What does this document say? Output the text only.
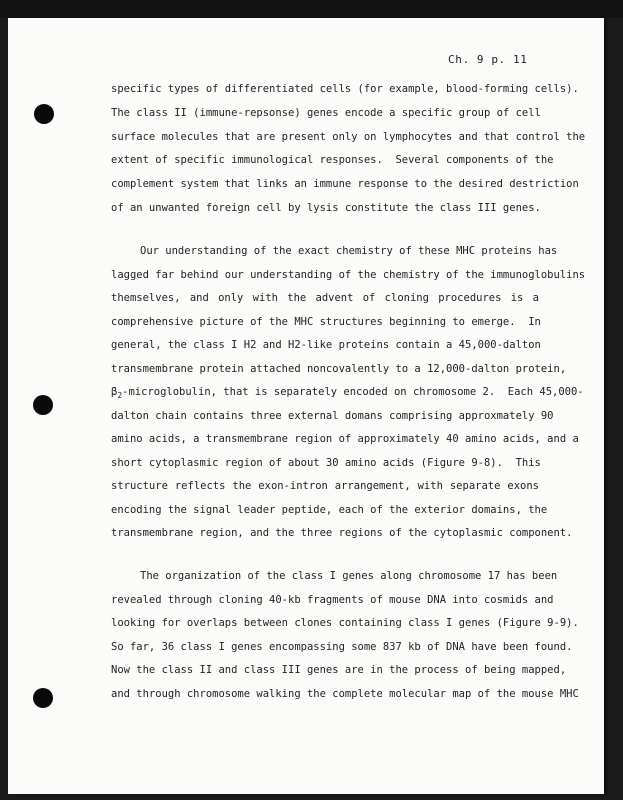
Ch. 9 p. 11
specific types of differentiated cells (for example, blood-forming cells).
The class II (immune-repsonse) genes encode a specific group of cell
surface molecules that are present only on lymphocytes and that control the
extent of specific immunological responses.  Several components of the
complement system that links an immune response to the desired destriction
of an unwanted foreign cell by lysis constitute the class III genes.
Our understanding of the exact chemistry of these MHC proteins has
lagged far behind our understanding of the chemistry of the immunoglobulins
themselves, and only with the advent of cloning procedures is a
comprehensive picture of the MHC structures beginning to emerge.  In
general, the class I H2 and H2-like proteins contain a 45,000-dalton
transmembrane protein attached noncovalently to a 12,000-dalton protein,
$\beta_2$-microglobulin, that is separately encoded on chromosome 2.  Each 45,000-
dalton chain contains three external domans comprising approxmately 90
amino acids, a transmembrane region of approximately 40 amino acids, and a
short cytoplasmic region of about 30 amino acids (Figure 9-8).  This
structure reflects the exon-intron arrangement, with separate exons
encoding the signal leader peptide, each of the exterior domains, the
transmembrane region, and the three regions of the cytoplasmic component.
The organization of the class I genes along chromosome 17 has been
revealed through cloning 40-kb fragments of mouse DNA into cosmids and
looking for overlaps between clones containing class I genes (Figure 9-9).
So far, 36 class I genes encompassing some 837 kb of DNA have been found.
Now the class II and class III genes are in the process of being mapped,
and through chromosome walking the complete molecular map of the mouse MHC
